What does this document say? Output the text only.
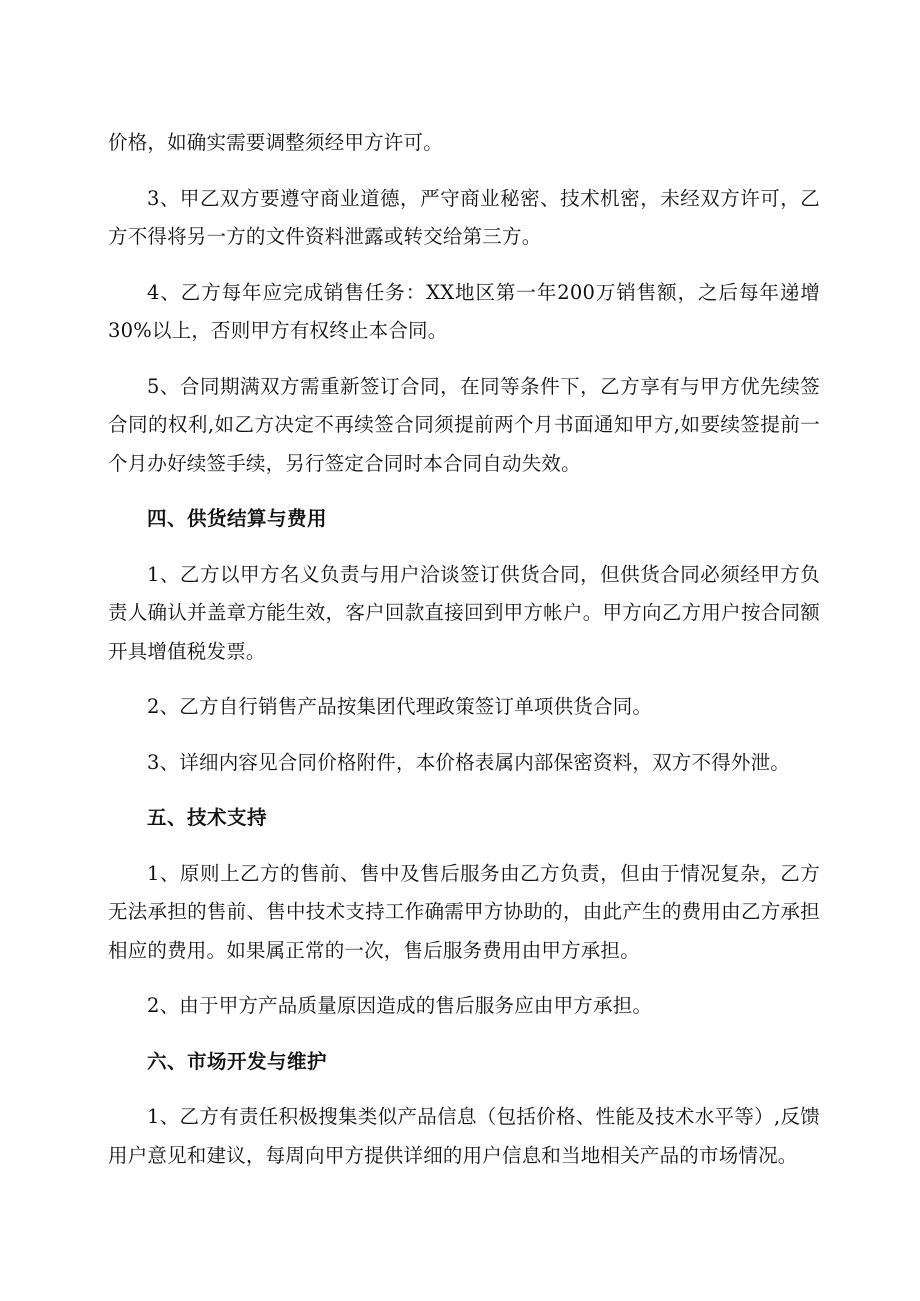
价格，如确实需要调整须经甲方许可。

3、甲乙双方要遵守商业道德，严守商业秘密、技术机密，未经双方许可，乙方不得将另一方的文件资料泄露或转交给第三方。

4、乙方每年应完成销售任务：XX地区第一年200万销售额，之后每年递增30%以上，否则甲方有权终止本合同。

5、合同期满双方需重新签订合同，在同等条件下，乙方享有与甲方优先续签合同的权利,如乙方决定不再续签合同须提前两个月书面通知甲方,如要续签提前一个月办好续签手续，另行签定合同时本合同自动失效。

四、供货结算与费用

1、乙方以甲方名义负责与用户洽谈签订供货合同，但供货合同必须经甲方负责人确认并盖章方能生效，客户回款直接回到甲方帐户。甲方向乙方用户按合同额开具增值税发票。

2、乙方自行销售产品按集团代理政策签订单项供货合同。

3、详细内容见合同价格附件，本价格表属内部保密资料，双方不得外泄。

五、技术支持

1、原则上乙方的售前、售中及售后服务由乙方负责，但由于情况复杂，乙方无法承担的售前、售中技术支持工作确需甲方协助的，由此产生的费用由乙方承担相应的费用。如果属正常的一次，售后服务费用由甲方承担。

2、由于甲方产品质量原因造成的售后服务应由甲方承担。

六、市场开发与维护

1、乙方有责任积极搜集类似产品信息（包括价格、性能及技术水平等）,反馈用户意见和建议，每周向甲方提供详细的用户信息和当地相关产品的市场情况。
